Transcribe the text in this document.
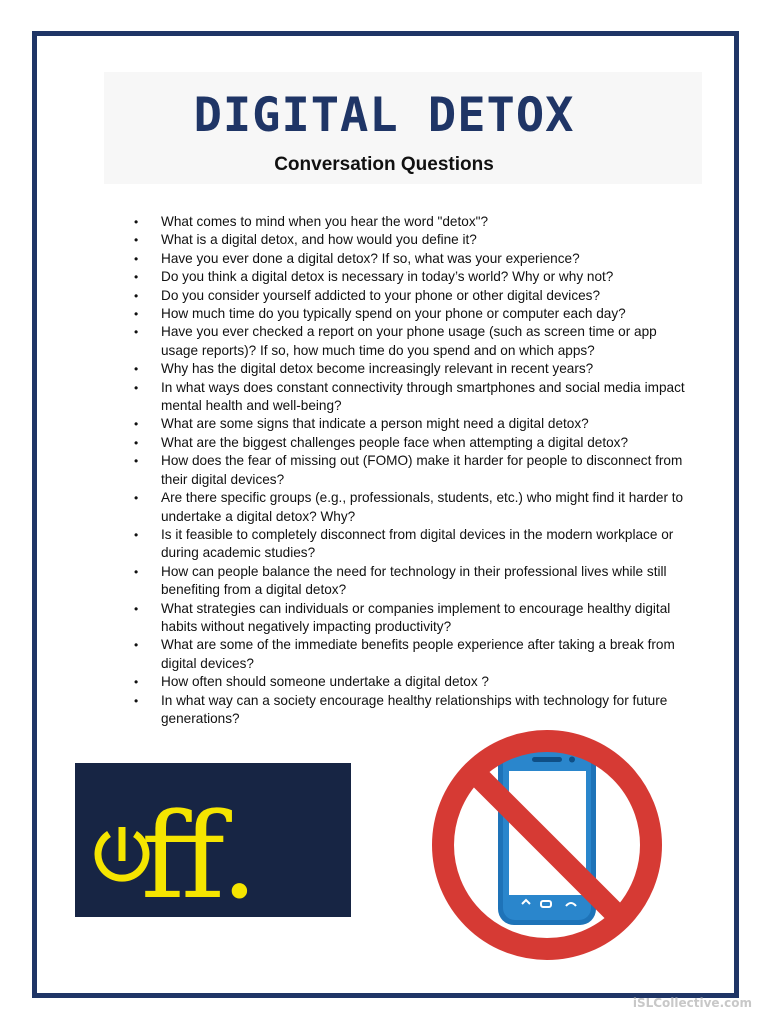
DIGITAL DETOX
Conversation Questions
•	What comes to mind when you hear the word "detox"?
•	What is a digital detox, and how would you define it?
•	Have you ever done a digital detox? If so, what was your experience?
•	Do you think a digital detox is necessary in today’s world? Why or why not?
•	Do you consider yourself addicted to your phone or other digital devices?
•	How much time do you typically spend on your phone or computer each day?
•	Have you ever checked a report on your phone usage (such as screen time or app usage reports)? If so, how much time do you spend and on which apps?
•	Why has the digital detox become increasingly relevant in recent years?
•	In what ways does constant connectivity through smartphones and social media impact mental health and well-being?
•	What are some signs that indicate a person might need a digital detox?
•	What are the biggest challenges people face when attempting a digital detox?
•	How does the fear of missing out (FOMO) make it harder for people to disconnect from their digital devices?
•	Are there specific groups (e.g., professionals, students, etc.) who might find it harder to undertake a digital detox? Why?
•	Is it feasible to completely disconnect from digital devices in the modern workplace or during academic studies?
•	How can people balance the need for technology in their professional lives while still benefiting from a digital detox?
•	What strategies can individuals or companies implement to encourage healthy digital habits without negatively impacting productivity?
•	What are some of the immediate benefits people experience after taking a break from digital devices?
•	How often should someone undertake a digital detox ?
•	In what way can a society encourage healthy relationships with technology for future generations?
ff.
iSLCollective.com
